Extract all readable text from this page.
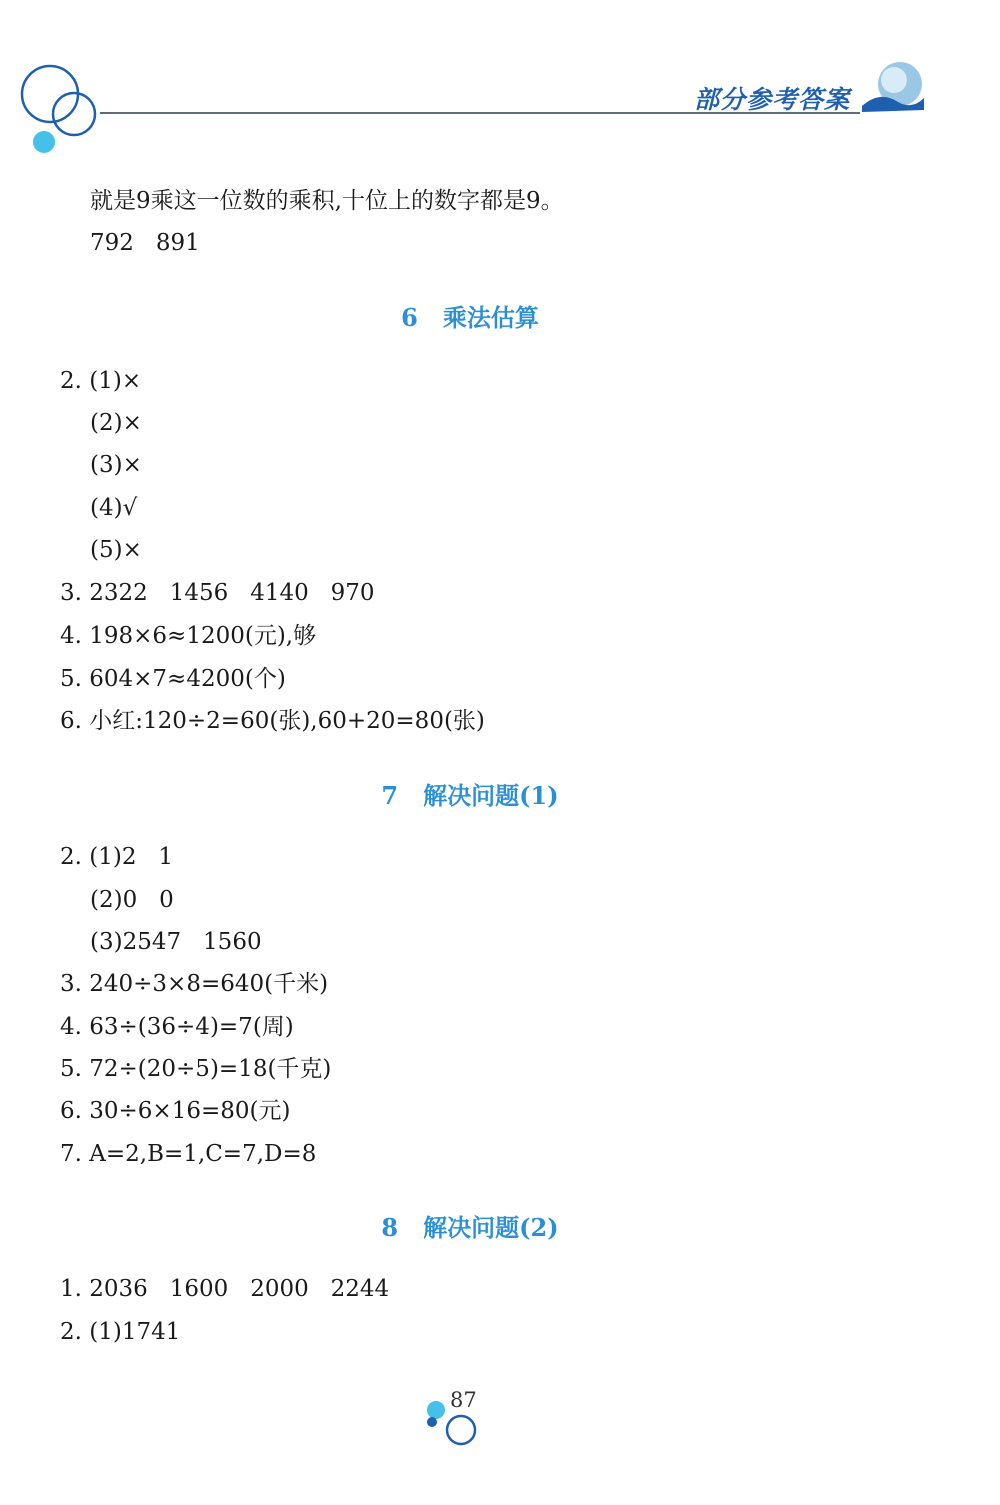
部分参考答案
就是9乘这一位数的乘积,十位上的数字都是9。
792   891
6   乘法估算
2. (1)×
(2)×
(3)×
(4)√
(5)×
3. 2322   1456   4140   970
4. 198×6≈1200(元),够
5. 604×7≈4200(个)
6. 小红:120÷2=60(张),60+20=80(张)
7   解决问题(1)
2. (1)2   1
(2)0   0
(3)2547   1560
3. 240÷3×8=640(千米)
4. 63÷(36÷4)=7(周)
5. 72÷(20÷5)=18(千克)
6. 30÷6×16=80(元)
7. A=2,B=1,C=7,D=8
8   解决问题(2)
1. 2036   1600   2000   2244
2. (1)1741
87
